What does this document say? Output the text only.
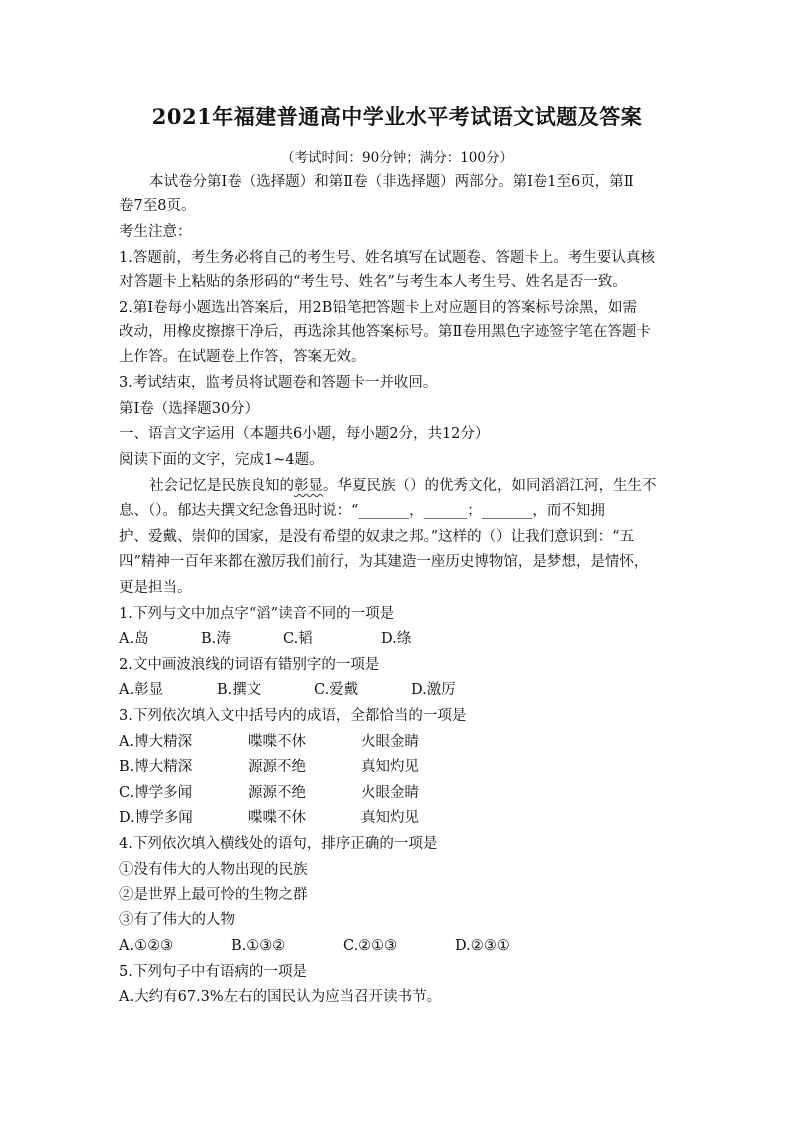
2021年福建普通高中学业水平考试语文试题及答案
（考试时间：90分钟；满分：100分）
本试卷分第Ⅰ卷（选择题）和第Ⅱ卷（非选择题）两部分。第Ⅰ卷1至6页，第Ⅱ
卷7至8页。
考生注意：
1.答题前，考生务必将自己的考生号、姓名填写在试题卷、答题卡上。考生要认真核
对答题卡上粘贴的条形码的“考生号、姓名”与考生本人考生号、姓名是否一致。
2.第Ⅰ卷每小题选出答案后，用2B铅笔把答题卡上对应题目的答案标号涂黑，如需
改动，用橡皮擦擦干净后，再选涂其他答案标号。第Ⅱ卷用黑色字迹签字笔在答题卡
上作答。在试题卷上作答，答案无效。
3.考试结束，监考员将试题卷和答题卡一并收回。
第Ⅰ卷（选择题30分）
一、语言文字运用（本题共6小题，每小题2分，共12分）
阅读下面的文字，完成1~4题。
社会记忆是民族良知的彰显。华夏民族（）的优秀文化，如同滔滔江河，生生不
息、（）。郁达夫撰文纪念鲁迅时说：“_______，______；_______，而不知拥
护、爱戴、崇仰的国家，是没有希望的奴隶之邦。”这样的（）让我们意识到：“五
四”精神一百年来都在激厉我们前行，为其建造一座历史博物馆，是梦想，是情怀，
更是担当。
1.下列与文中加点字“滔”读音不同的一项是
A.岛	B.涛	C.韬	D.绦
2.文中画波浪线的词语有错别字的一项是
A.彰显	B.撰文	C.爱戴	D.激厉
3.下列依次填入文中括号内的成语，全都恰当的一项是
A.博大精深	喋喋不休	火眼金睛
B.博大精深	源源不绝	真知灼见
C.博学多闻	源源不绝	火眼金睛
D.博学多闻	喋喋不休	真知灼见
4.下列依次填入横线处的语句，排序正确的一项是
①没有伟大的人物出现的民族
②是世界上最可怜的生物之群
③有了伟大的人物
A.①②③	B.①③②	C.②①③	D.②③①
5.下列句子中有语病的一项是
A.大约有67.3%左右的国民认为应当召开读书节。
